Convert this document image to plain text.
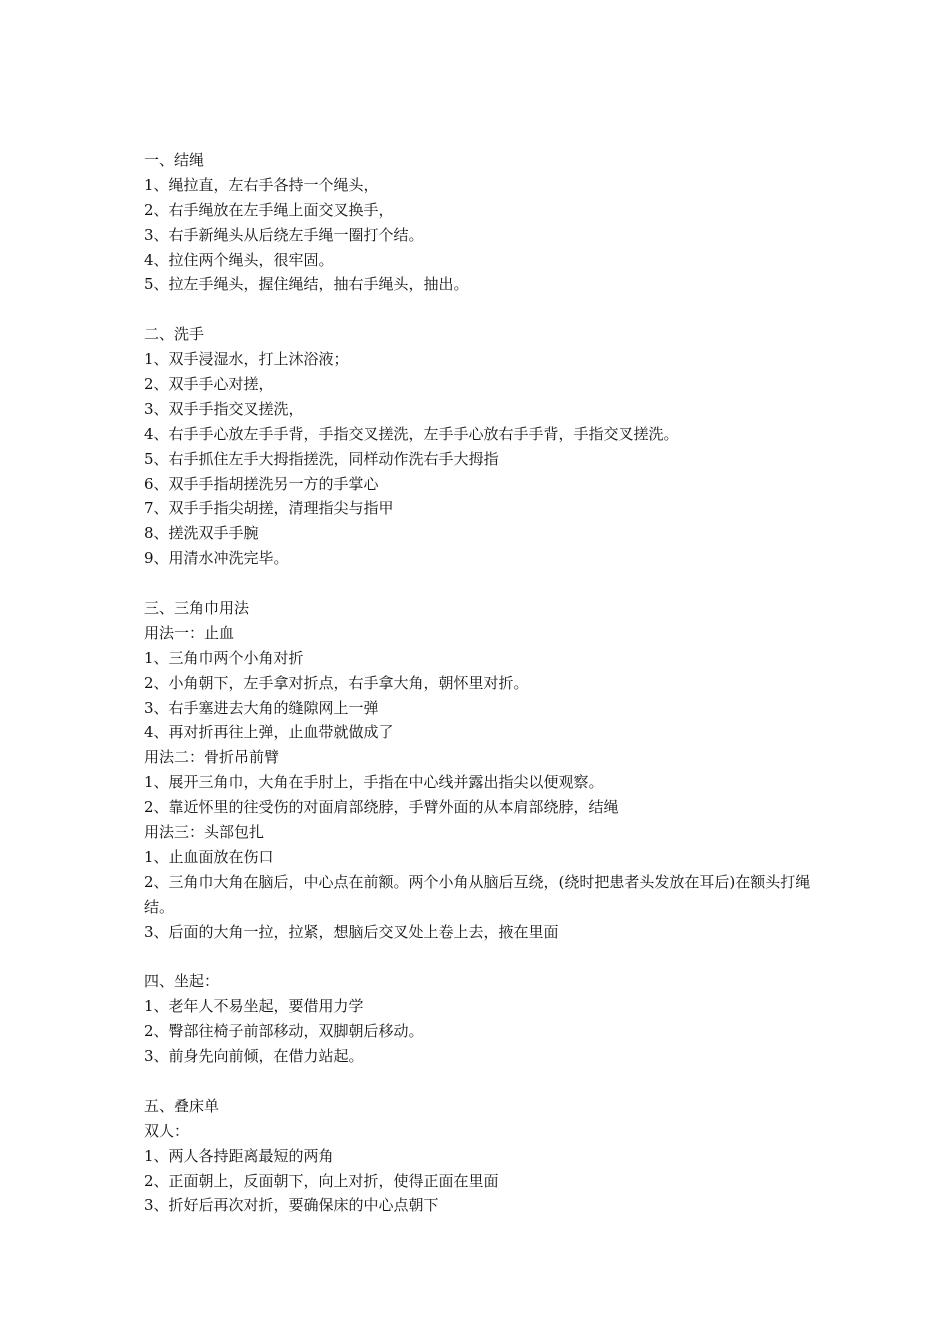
一、结绳
1、绳拉直，左右手各持一个绳头，
2、右手绳放在左手绳上面交叉换手，
3、右手新绳头从后绕左手绳一圈打个结。
4、拉住两个绳头，很牢固。
5、拉左手绳头，握住绳结，抽右手绳头，抽出。
二、洗手
1、双手浸湿水，打上沐浴液；
2、双手手心对搓，
3、双手手指交叉搓洗，
4、右手手心放左手手背，手指交叉搓洗，左手手心放右手手背，手指交叉搓洗。
5、右手抓住左手大拇指搓洗，同样动作洗右手大拇指
6、双手手指胡搓洗另一方的手掌心
7、双手手指尖胡搓，清理指尖与指甲
8、搓洗双手手腕
9、用清水冲洗完毕。
三、三角巾用法
用法一：止血
1、三角巾两个小角对折
2、小角朝下，左手拿对折点，右手拿大角，朝怀里对折。
3、右手塞进去大角的缝隙网上一弹
4、再对折再往上弹，止血带就做成了
用法二：骨折吊前臂
1、展开三角巾，大角在手肘上，手指在中心线并露出指尖以便观察。
2、靠近怀里的往受伤的对面肩部绕脖，手臂外面的从本肩部绕脖，结绳
用法三：头部包扎
1、止血面放在伤口
2、三角巾大角在脑后，中心点在前额。两个小角从脑后互绕，(绕时把患者头发放在耳后)在额头打绳结。
3、后面的大角一拉，拉紧，想脑后交叉处上卷上去，掖在里面
四、坐起：
1、老年人不易坐起，要借用力学
2、臀部往椅子前部移动，双脚朝后移动。
3、前身先向前倾，在借力站起。
五、叠床单
双人：
1、两人各持距离最短的两角
2、正面朝上，反面朝下，向上对折，使得正面在里面
3、折好后再次对折，要确保床的中心点朝下
